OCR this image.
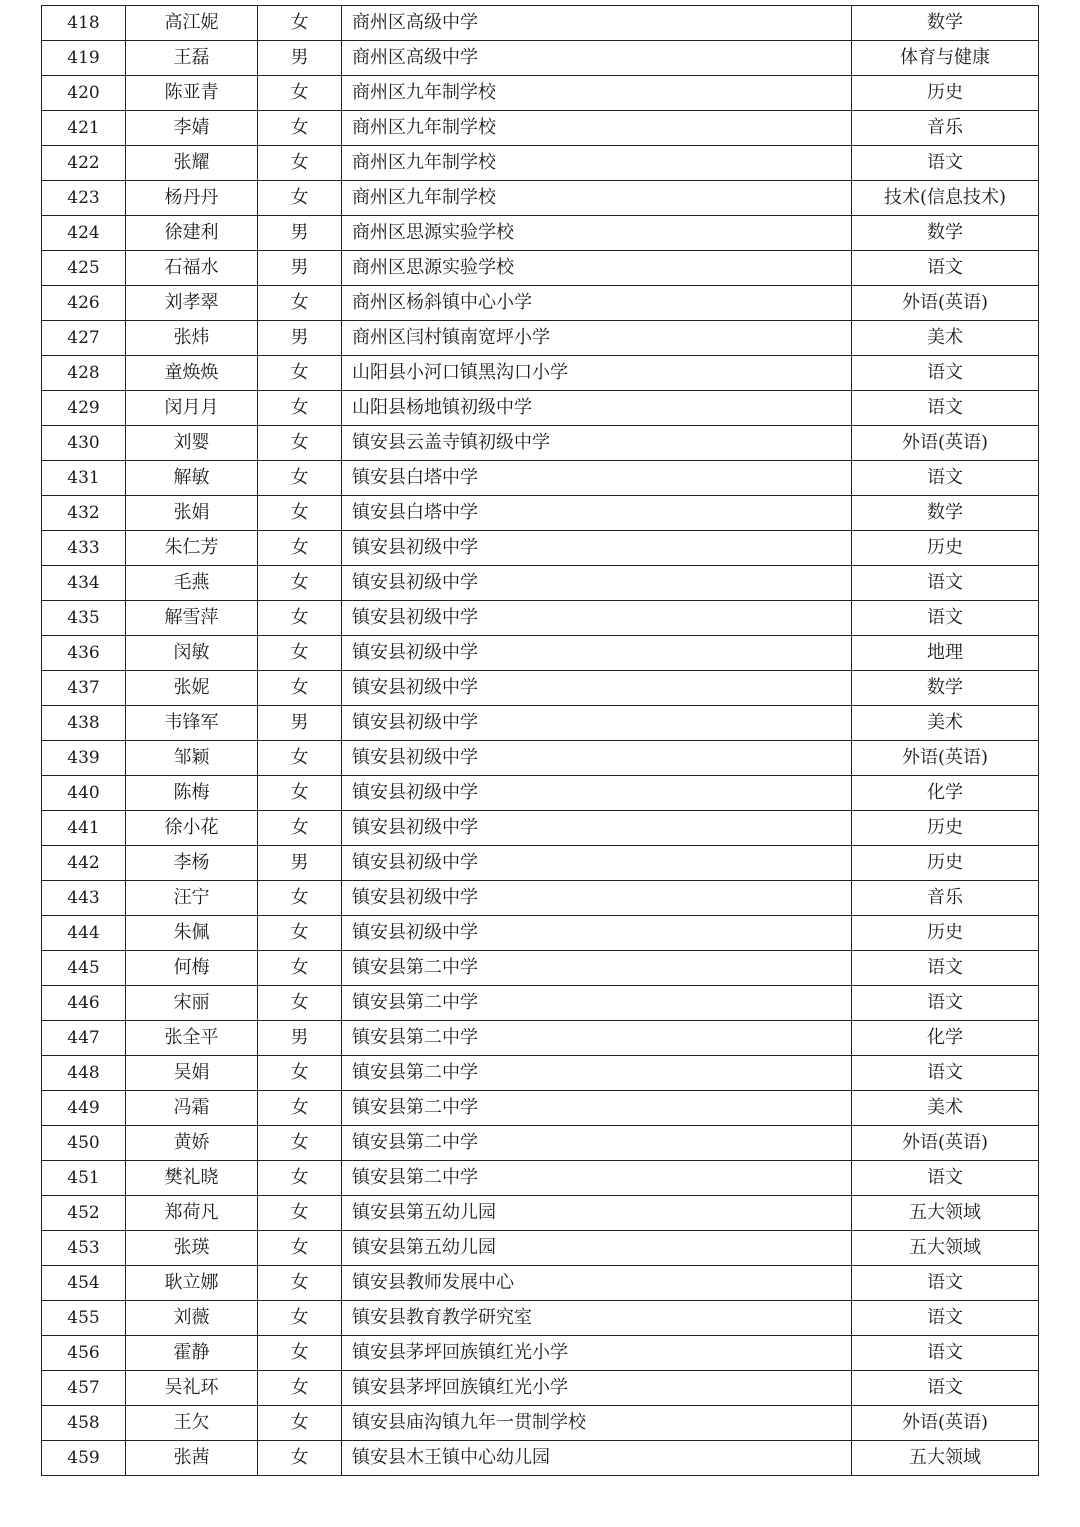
418	高江妮	女	商州区高级中学	数学
419	王磊	男	商州区高级中学	体育与健康
420	陈亚青	女	商州区九年制学校	历史
421	李婧	女	商州区九年制学校	音乐
422	张耀	女	商州区九年制学校	语文
423	杨丹丹	女	商州区九年制学校	技术(信息技术)
424	徐建利	男	商州区思源实验学校	数学
425	石福水	男	商州区思源实验学校	语文
426	刘孝翠	女	商州区杨斜镇中心小学	外语(英语)
427	张炜	男	商州区闫村镇南宽坪小学	美术
428	童焕焕	女	山阳县小河口镇黑沟口小学	语文
429	闵月月	女	山阳县杨地镇初级中学	语文
430	刘婴	女	镇安县云盖寺镇初级中学	外语(英语)
431	解敏	女	镇安县白塔中学	语文
432	张娟	女	镇安县白塔中学	数学
433	朱仁芳	女	镇安县初级中学	历史
434	毛燕	女	镇安县初级中学	语文
435	解雪萍	女	镇安县初级中学	语文
436	闵敏	女	镇安县初级中学	地理
437	张妮	女	镇安县初级中学	数学
438	韦锋军	男	镇安县初级中学	美术
439	邹颖	女	镇安县初级中学	外语(英语)
440	陈梅	女	镇安县初级中学	化学
441	徐小花	女	镇安县初级中学	历史
442	李杨	男	镇安县初级中学	历史
443	汪宁	女	镇安县初级中学	音乐
444	朱佩	女	镇安县初级中学	历史
445	何梅	女	镇安县第二中学	语文
446	宋丽	女	镇安县第二中学	语文
447	张全平	男	镇安县第二中学	化学
448	吴娟	女	镇安县第二中学	语文
449	冯霜	女	镇安县第二中学	美术
450	黄娇	女	镇安县第二中学	外语(英语)
451	樊礼晓	女	镇安县第二中学	语文
452	郑荷凡	女	镇安县第五幼儿园	五大领域
453	张瑛	女	镇安县第五幼儿园	五大领域
454	耿立娜	女	镇安县教师发展中心	语文
455	刘薇	女	镇安县教育教学研究室	语文
456	霍静	女	镇安县茅坪回族镇红光小学	语文
457	吴礼环	女	镇安县茅坪回族镇红光小学	语文
458	王欠	女	镇安县庙沟镇九年一贯制学校	外语(英语)
459	张茜	女	镇安县木王镇中心幼儿园	五大领域
